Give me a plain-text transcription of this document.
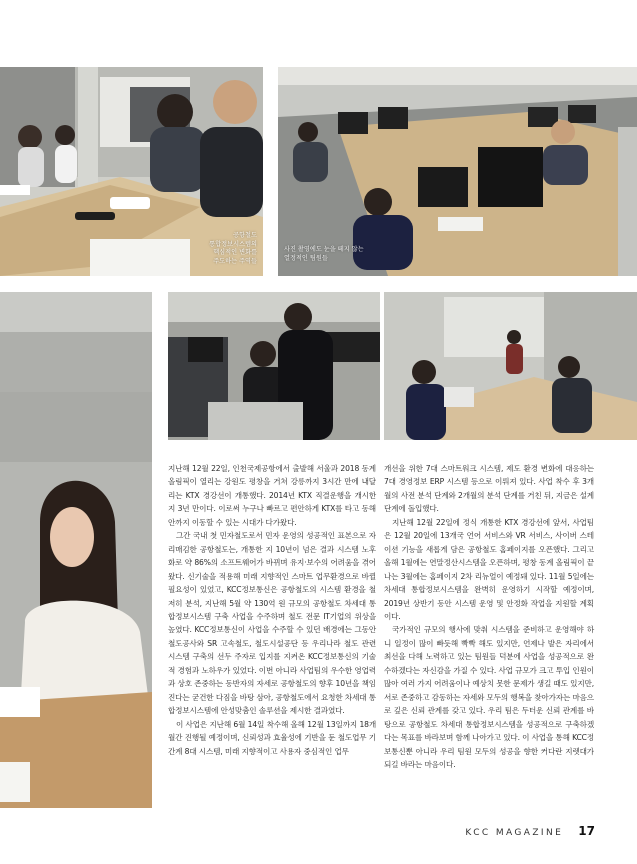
공항철도
통합정보시스템의
핵심적인 변화를
주도하는 주역들
사진 촬영에도 눈을 떼지 않는
열정적인 팀원들

지난해 12월 22일, 인천국제공항에서 출발해 서울과 2018 동계 올림픽이 열리는 강원도 평창을 거쳐 강릉까지 3시간 만에 내달리는 KTX 경강선이 개통했다. 2014년 KTX 직결운행을 개시한 지 3년 만이다. 이로써 누구나 빠르고 편안하게 KTX를 타고 동해안까지 이동할 수 있는 시대가 다가왔다.

그간 국내 첫 민자철도로서 민자 운영의 성공적인 표본으로 자리매김한 공항철도는, 개통한 지 10년이 넘은 결과 시스템 노후화로 약 86%의 소프트웨어가 바뀌며 유지·보수의 어려움을 겪어왔다. 신기술을 적용해 미래 지향적인 스마트 업무환경으로 바뀔 필요성이 있었고, KCC정보통신은 공항철도의 시스템 환경을 철저히 분석, 지난해 5월 약 130억 원 규모의 공항철도 차세대 통합정보시스템 구축 사업을 수주하며 철도 전문 IT기업의 위상을 높였다. KCC정보통신이 사업을 수주할 수 있던 배경에는 그동안 철도공사와 SR 고속철도, 철도시설공단 등 우리나라 철도 관련 시스템 구축의 선두 주자로 입지를 지켜온 KCC정보통신의 기술적 경험과 노하우가 있었다. 이번 아니라 사업팀의 우수한 영업력과 상호 존중하는 동반자의 자세로 공항철도의 향후 10년을 책임진다는 굳건한 다짐을 바탕 삼아, 공항철도에서 요청한 차세대 통합정보시스템에 안성맞춤인 솔루션을 제시한 결과였다.

이 사업은 지난해 6월 14일 착수해 올해 12월 13일까지 18개월간 진행될 예정이며, 신뢰성과 효율성에 기반을 둔 철도업무 기간계 8대 시스템, 미래 지향적이고 사용자 중심적인 업무

개선을 위한 7대 스마트워크 시스템, 제도 환경 변화에 대응하는 7대 경영정보 ERP 시스템 등으로 이뤄져 있다. 사업 착수 후 3개월의 사전 분석 단계와 2개월의 분석 단계를 거친 뒤, 지금은 설계 단계에 돌입했다.

지난해 12월 22일에 정식 개통한 KTX 경강선에 앞서, 사업팀은 12월 20일에 13개국 언어 서비스와 VR 서비스, 사이버 스테이션 기능을 새롭게 담은 공항철도 홈페이지를 오픈했다. 그리고 올해 1월에는 연말정산시스템을 오픈하며, 평창 동계 올림픽이 끝나는 3월에는 홈페이지 2차 리뉴얼이 예정돼 있다. 11월 5일에는 차세대 통합정보시스템을 완벽히 운영하기 시작할 예정이며, 2019년 상반기 동안 시스템 운영 및 안정화 작업을 지원할 계획이다.

국가적인 규모의 행사에 맞춰 시스템을 준비하고 운영해야 하니 일정이 많이 빠듯해 빡빡 해도 있지만, 언제나 발은 자리에서 최선을 다해 노력하고 있는 팀원들 덕분에 사업을 성공적으로 완수하겠다는 자신감을 가질 수 있다. 사업 규모가 크고 투입 인원이 많아 여러 가지 어려움이나 예상치 못한 문제가 생길 때도 있지만, 서로 존중하고 감동하는 자세와 모두의 행복을 찾아가자는 마음으로 깊은 신뢰 관계를 갖고 있다. 우리 팀은 두터운 신뢰 관계를 바탕으로 공항철도 차세대 통합정보시스템을 성공적으로 구축하겠다는 목표를 바라보며 함께 나아가고 있다. 이 사업을 통해 KCC정보통신뿐 아니라 우리 팀원 모두의 성공을 향한 커다란 지렛대가 되길 바라는 마음이다.

KCC MAGAZINE 17
